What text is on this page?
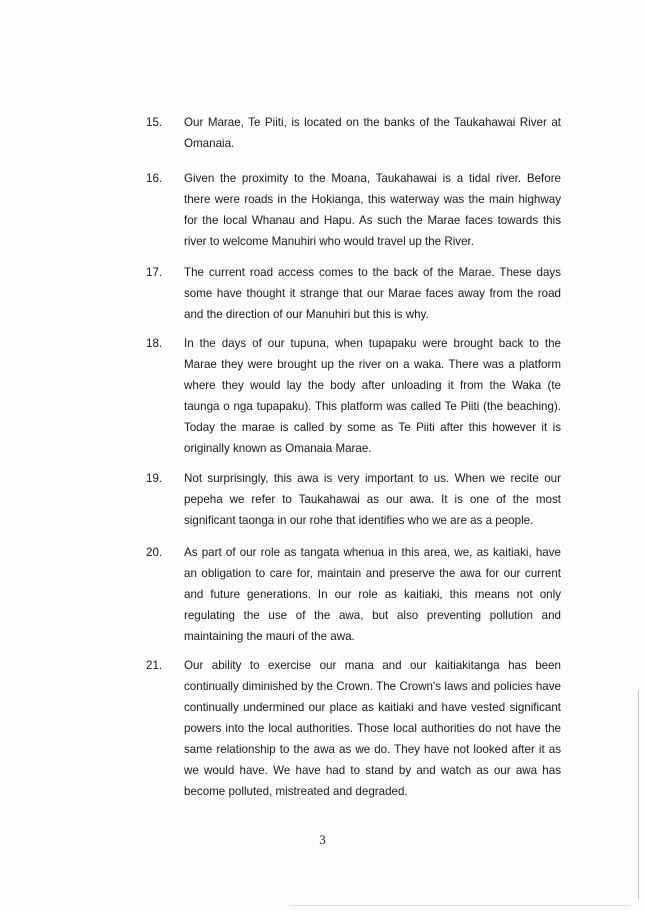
15.	Our Marae, Te Piiti, is located on the banks of the Taukahawai River at Omanaia.
16.	Given the proximity to the Moana, Taukahawai is a tidal river. Before there were roads in the Hokianga, this waterway was the main highway for the local Whanau and Hapu. As such the Marae faces towards this river to welcome Manuhiri who would travel up the River.
17.	The current road access comes to the back of the Marae. These days some have thought it strange that our Marae faces away from the road and the direction of our Manuhiri but this is why.
18.	In the days of our tupuna, when tupapaku were brought back to the Marae they were brought up the river on a waka. There was a platform where they would lay the body after unloading it from the Waka (te taunga o nga tupapaku). This platform was called Te Piiti (the beaching). Today the marae is called by some as Te Piiti after this however it is originally known as Omanaia Marae.
19.	Not surprisingly, this awa is very important to us. When we recite our pepeha we refer to Taukahawai as our awa. It is one of the most significant taonga in our rohe that identifies who we are as a people.
20.	As part of our role as tangata whenua in this area, we, as kaitiaki, have an obligation to care for, maintain and preserve the awa for our current and future generations. In our role as kaitiaki, this means not only regulating the use of the awa, but also preventing pollution and maintaining the mauri of the awa.
21.	Our ability to exercise our mana and our kaitiakitanga has been continually diminished by the Crown. The Crown's laws and policies have continually undermined our place as kaitiaki and have vested significant powers into the local authorities. Those local authorities do not have the same relationship to the awa as we do. They have not looked after it as we would have. We have had to stand by and watch as our awa has become polluted, mistreated and degraded.
3
